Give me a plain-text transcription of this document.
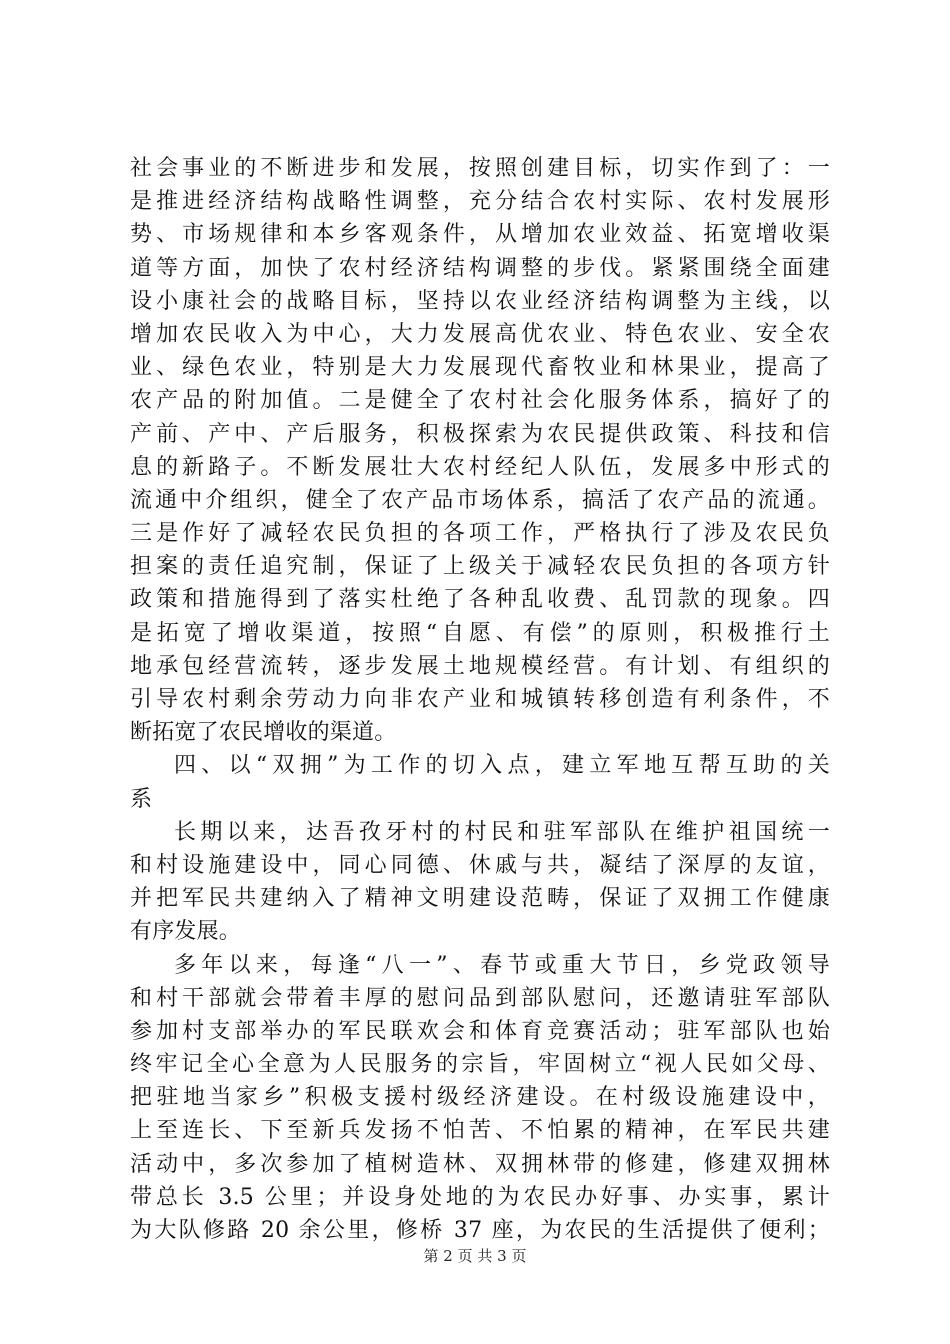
社会事业的不断进步和发展，按照创建目标，切实作到了：一
是推进经济结构战略性调整，充分结合农村实际、农村发展形
势、市场规律和本乡客观条件，从增加农业效益、拓宽增收渠
道等方面，加快了农村经济结构调整的步伐。紧紧围绕全面建
设小康社会的战略目标，坚持以农业经济结构调整为主线，以
增加农民收入为中心，大力发展高优农业、特色农业、安全农
业、绿色农业，特别是大力发展现代畜牧业和林果业，提高了
农产品的附加值。二是健全了农村社会化服务体系，搞好了的
产前、产中、产后服务，积极探索为农民提供政策、科技和信
息的新路子。不断发展壮大农村经纪人队伍，发展多中形式的
流通中介组织，健全了农产品市场体系，搞活了农产品的流通。
三是作好了减轻农民负担的各项工作，严格执行了涉及农民负
担案的责任追究制，保证了上级关于减轻农民负担的各项方针
政策和措施得到了落实杜绝了各种乱收费、乱罚款的现象。四
是拓宽了增收渠道，按照“自愿、有偿”的原则，积极推行土
地承包经营流转，逐步发展土地规模经营。有计划、有组织的
引导农村剩余劳动力向非农产业和城镇转移创造有利条件，不
断拓宽了农民增收的渠道。
四、以“双拥”为工作的切入点，建立军地互帮互助的关
系
长期以来，达吾孜牙村的村民和驻军部队在维护祖国统一
和村设施建设中，同心同德、休戚与共，凝结了深厚的友谊，
并把军民共建纳入了精神文明建设范畴，保证了双拥工作健康
有序发展。
多年以来，每逢“八一”、春节或重大节日，乡党政领导
和村干部就会带着丰厚的慰问品到部队慰问，还邀请驻军部队
参加村支部举办的军民联欢会和体育竞赛活动；驻军部队也始
终牢记全心全意为人民服务的宗旨，牢固树立“视人民如父母、
把驻地当家乡”积极支援村级经济建设。在村级设施建设中，
上至连长、下至新兵发扬不怕苦、不怕累的精神，在军民共建
活动中，多次参加了植树造林、双拥林带的修建，修建双拥林
带总长 3.5 公里；并设身处地的为农民办好事、办实事，累计
为大队修路 20 余公里，修桥 37 座，为农民的生活提供了便利；
第 2 页 共 3 页
